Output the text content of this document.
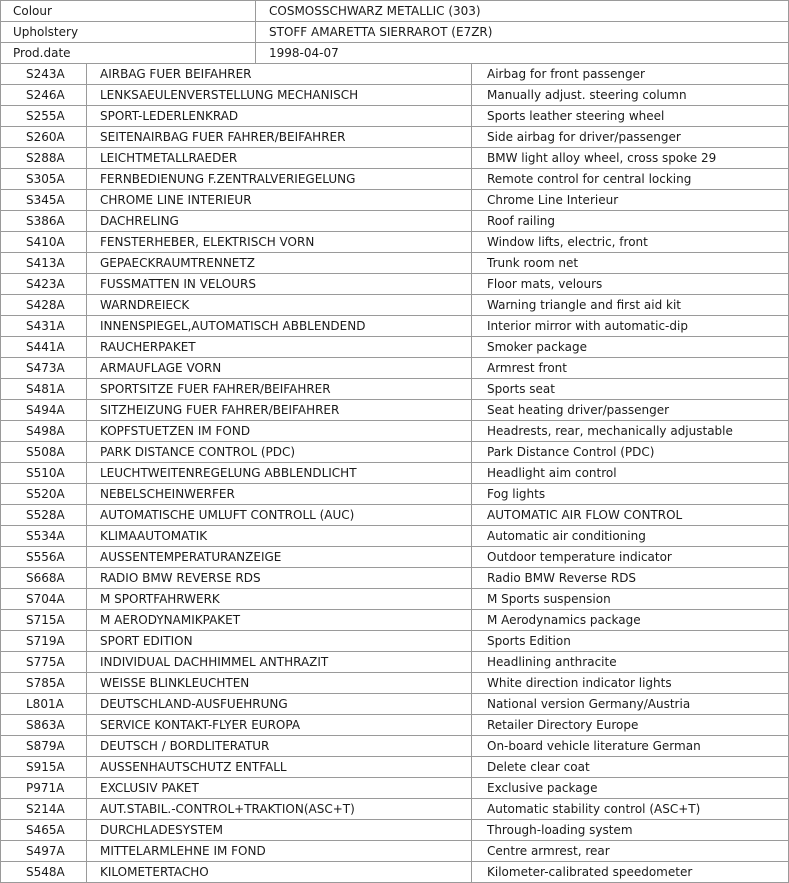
Colour	COSMOSSCHWARZ METALLIC (303)
Upholstery	STOFF AMARETTA SIERRAROT (E7ZR)
Prod.date	1998-04-07
S243A	AIRBAG FUER BEIFAHRER	Airbag for front passenger
S246A	LENKSAEULENVERSTELLUNG MECHANISCH	Manually adjust. steering column
S255A	SPORT-LEDERLENKRAD	Sports leather steering wheel
S260A	SEITENAIRBAG FUER FAHRER/BEIFAHRER	Side airbag for driver/passenger
S288A	LEICHTMETALLRAEDER	BMW light alloy wheel, cross spoke 29
S305A	FERNBEDIENUNG F.ZENTRALVERIEGELUNG	Remote control for central locking
S345A	CHROME LINE INTERIEUR	Chrome Line Interieur
S386A	DACHRELING	Roof railing
S410A	FENSTERHEBER, ELEKTRISCH VORN	Window lifts, electric, front
S413A	GEPAECKRAUMTRENNETZ	Trunk room net
S423A	FUSSMATTEN IN VELOURS	Floor mats, velours
S428A	WARNDREIECK	Warning triangle and first aid kit
S431A	INNENSPIEGEL,AUTOMATISCH ABBLENDEND	Interior mirror with automatic-dip
S441A	RAUCHERPAKET	Smoker package
S473A	ARMAUFLAGE VORN	Armrest front
S481A	SPORTSITZE FUER FAHRER/BEIFAHRER	Sports seat
S494A	SITZHEIZUNG FUER FAHRER/BEIFAHRER	Seat heating driver/passenger
S498A	KOPFSTUETZEN IM FOND	Headrests, rear, mechanically adjustable
S508A	PARK DISTANCE CONTROL (PDC)	Park Distance Control (PDC)
S510A	LEUCHTWEITENREGELUNG ABBLENDLICHT	Headlight aim control
S520A	NEBELSCHEINWERFER	Fog lights
S528A	AUTOMATISCHE UMLUFT CONTROLL (AUC)	AUTOMATIC AIR FLOW CONTROL
S534A	KLIMAAUTOMATIK	Automatic air conditioning
S556A	AUSSENTEMPERATURANZEIGE	Outdoor temperature indicator
S668A	RADIO BMW REVERSE RDS	Radio BMW Reverse RDS
S704A	M SPORTFAHRWERK	M Sports suspension
S715A	M AERODYNAMIKPAKET	M Aerodynamics package
S719A	SPORT EDITION	Sports Edition
S775A	INDIVIDUAL DACHHIMMEL ANTHRAZIT	Headlining anthracite
S785A	WEISSE BLINKLEUCHTEN	White direction indicator lights
L801A	DEUTSCHLAND-AUSFUEHRUNG	National version Germany/Austria
S863A	SERVICE KONTAKT-FLYER EUROPA	Retailer Directory Europe
S879A	DEUTSCH / BORDLITERATUR	On-board vehicle literature German
S915A	AUSSENHAUTSCHUTZ ENTFALL	Delete clear coat
P971A	EXCLUSIV PAKET	Exclusive package
S214A	AUT.STABIL.-CONTROL+TRAKTION(ASC+T)	Automatic stability control (ASC+T)
S465A	DURCHLADESYSTEM	Through-loading system
S497A	MITTELARMLEHNE IM FOND	Centre armrest, rear
S548A	KILOMETERTACHO	Kilometer-calibrated speedometer
